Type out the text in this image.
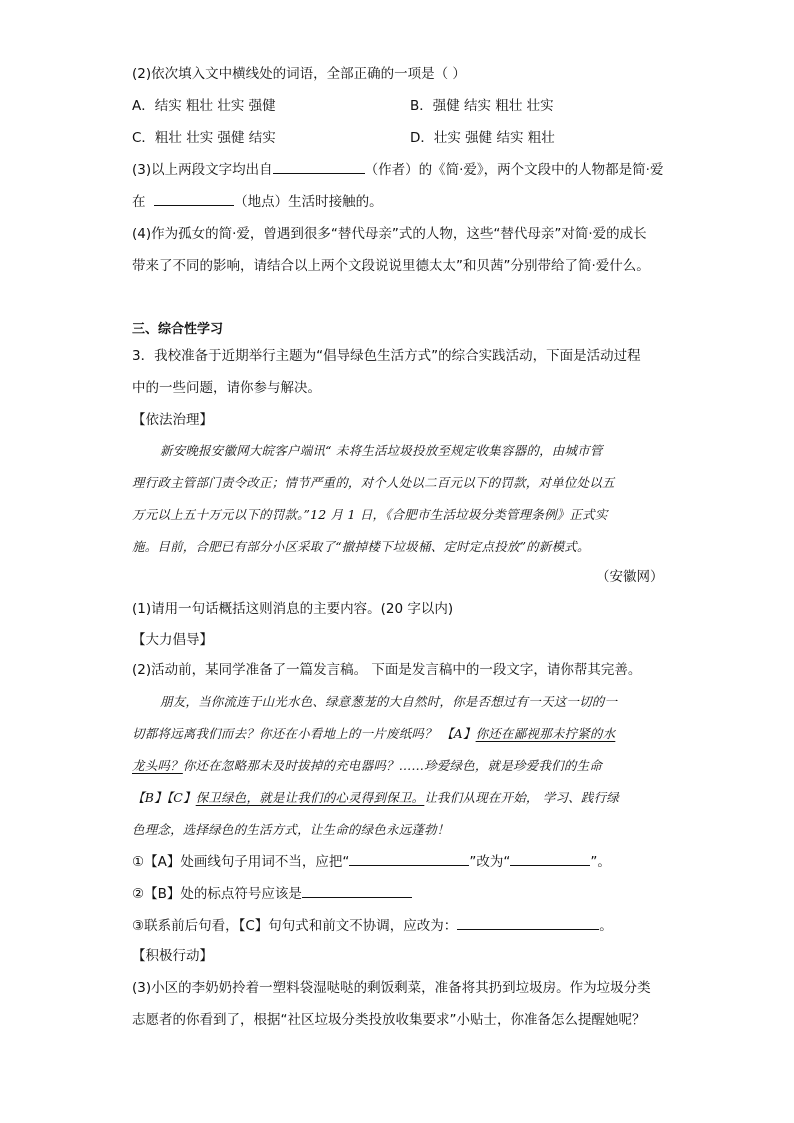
(2)依次填入文中横线处的词语，全部正确的一项是（ ）
A．结实 粗壮 壮实 强健	B．强健 结实 粗壮 壮实
C．粗壮 壮实 强健 结实	D．壮实 强健 结实 粗壮
(3)以上两段文字均出自	（作者）的《简·爱》，两个文段中的人物都是简·爱
在	（地点）生活时接触的。
(4)作为孤女的简·爱，曾遇到很多“替代母亲”式的人物，这些“替代母亲”对简·爱的成长
带来了不同的影响，请结合以上两个文段说说里德太太”和贝茜”分别带给了简·爱什么。
三、综合性学习
3．我校准备于近期举行主题为“倡导绿色生活方式”的综合实践活动，下面是活动过程
中的一些问题，请你参与解决。
【依法治理】
新安晚报安徽网大皖客户端讯“ 未将生活垃圾投放至规定收集容器的，由城市管
理行政主管部门责令改正；情节严重的，对个人处以二百元以下的罚款，对单位处以五
万元以上五十万元以下的罚款。”12 月 1 日，《合肥市生活垃圾分类管理条例》正式实
施。目前，合肥已有部分小区采取了“撤掉楼下垃圾桶、定时定点投放”的新模式。
（安徽网）
(1)请用一句话概括这则消息的主要内容。(20 字以内)
【大力倡导】
(2)活动前，某同学准备了一篇发言稿。 下面是发言稿中的一段文字，请你帮其完善。
朋友，当你流连于山光水色、绿意葱茏的大自然时，你是否想过有一天这一切的一
切都将远离我们而去？你还在小看地上的一片废纸吗？ 【A】你还在鄙视那未拧紧的水
龙头吗？你还在忽略那未及时拔掉的充电器吗？……珍爱绿色，就是珍爱我们的生命
【B】【C】保卫绿色，就是让我们的心灵得到保卫。让我们从现在开始， 学习、践行绿
色理念，选择绿色的生活方式，让生命的绿色永远蓬勃！
①【A】处画线句子用词不当，应把“	”改为“	”。
②【B】处的标点符号应该是
③联系前后句看，【C】句句式和前文不协调，应改为：	。
【积极行动】
(3)小区的李奶奶拎着一塑料袋湿哒哒的剩饭剩菜，准备将其扔到垃圾房。作为垃圾分类
志愿者的你看到了，根据“社区垃圾分类投放收集要求”小贴士，你准备怎么提醒她呢？
